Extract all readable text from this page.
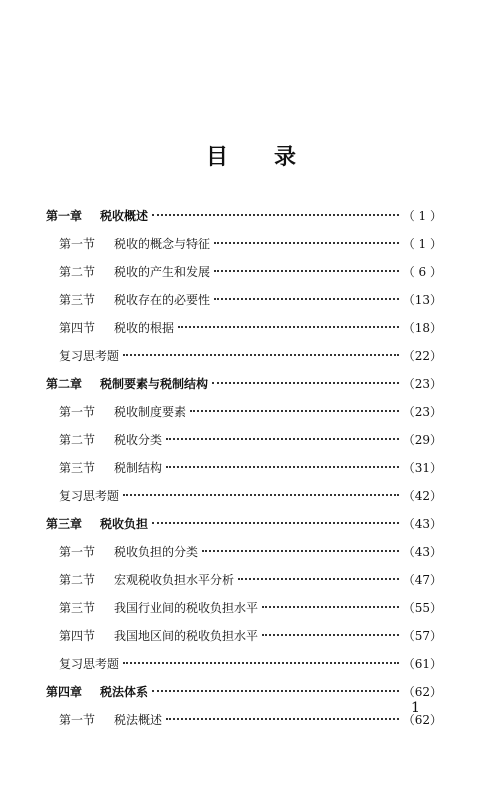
目 录
第一章	税收概述	（ 1 ）
第一节	税收的概念与特征	（ 1 ）
第二节	税收的产生和发展	（ 6 ）
第三节	税收存在的必要性	（13）
第四节	税收的根据	（18）
复习思考题	（22）
第二章	税制要素与税制结构	（23）
第一节	税收制度要素	（23）
第二节	税收分类	（29）
第三节	税制结构	（31）
复习思考题	（42）
第三章	税收负担	（43）
第一节	税收负担的分类	（43）
第二节	宏观税收负担水平分析	（47）
第三节	我国行业间的税收负担水平	（55）
第四节	我国地区间的税收负担水平	（57）
复习思考题	（61）
第四章	税法体系	（62）
第一节	税法概述	（62）
1
